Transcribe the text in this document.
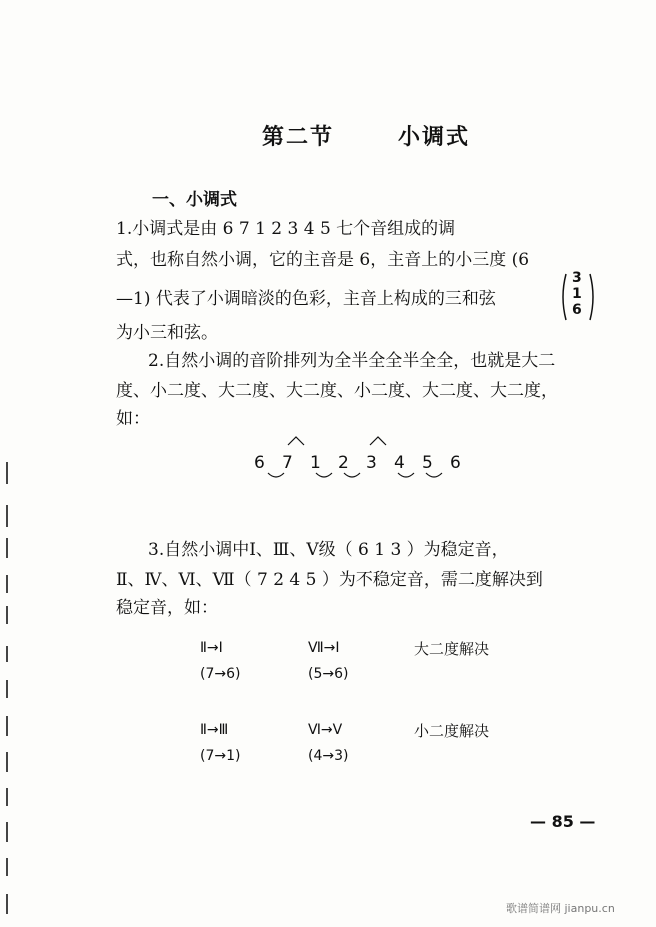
第二节	小调式
一、小调式
1.小调式是由 6 7 1 2 3 4 5 七个音组成的调
式，也称自然小调，它的主音是 6，主音上的小三度 (6
—1) 代表了小调暗淡的色彩，主音上构成的三和弦
为小三和弦。
3
1
6
2.自然小调的音阶排列为全半全全半全全，也就是大二
度、小二度、大二度、大二度、小二度、大二度、大二度，
如：
6 7 1 2 3 4 5 6
3.自然小调中Ⅰ、Ⅲ、Ⅴ级（ 6 1 3 ）为稳定音，
Ⅱ、Ⅳ、Ⅵ、Ⅶ（ 7 2 4 5 ）为不稳定音，需二度解决到
稳定音，如：
Ⅱ→Ⅰ	Ⅶ→Ⅰ	大二度解决
(7→6)	(5→6)
Ⅱ→Ⅲ	Ⅵ→Ⅴ	小二度解决
(7→1)	(4→3)
— 85 —
歌谱简谱网 jianpu.cn
